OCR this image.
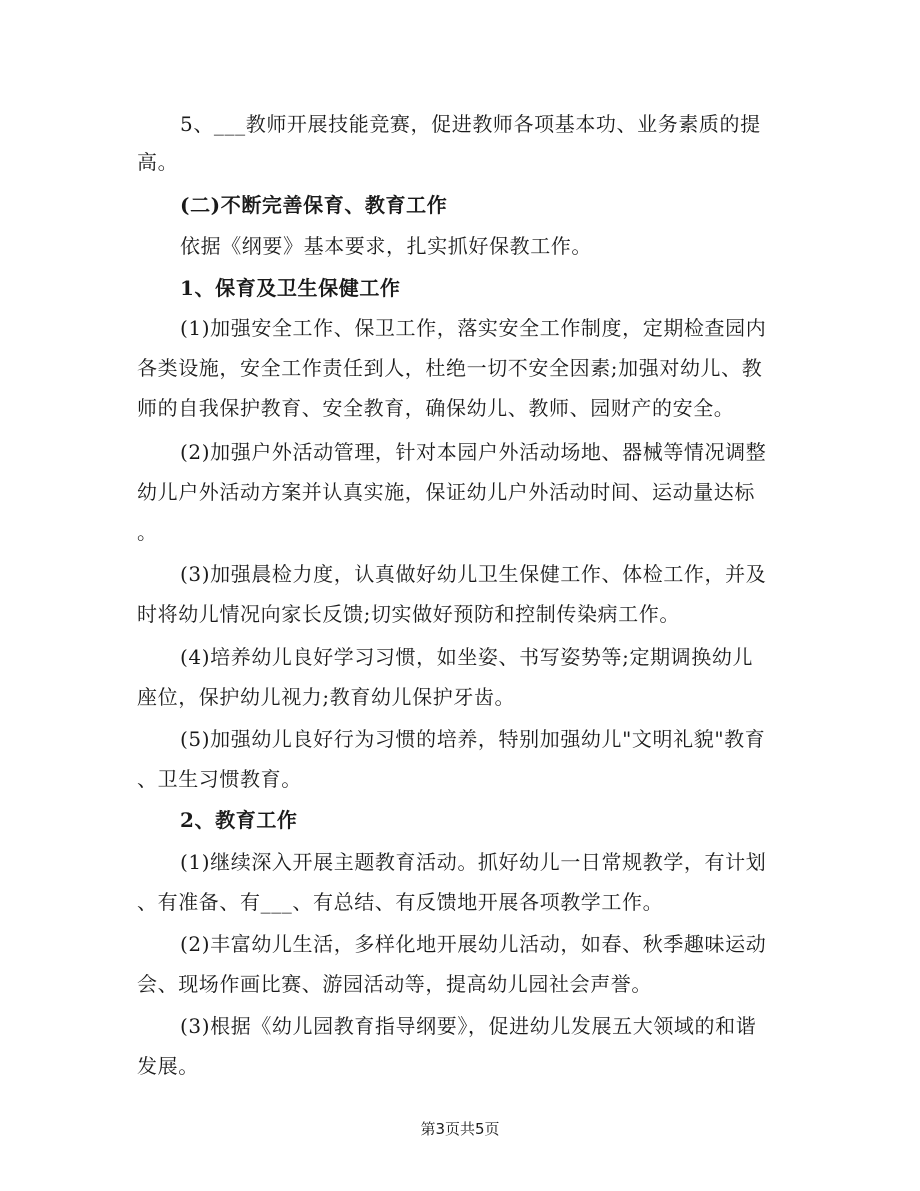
5、___教师开展技能竞赛，促进教师各项基本功、业务素质的提
高。
(二)不断完善保育、教育工作
依据《纲要》基本要求，扎实抓好保教工作。
1、保育及卫生保健工作
(1)加强安全工作、保卫工作，落实安全工作制度，定期检查园内
各类设施，安全工作责任到人，杜绝一切不安全因素;加强对幼儿、教
师的自我保护教育、安全教育，确保幼儿、教师、园财产的安全。
(2)加强户外活动管理，针对本园户外活动场地、器械等情况调整
幼儿户外活动方案并认真实施，保证幼儿户外活动时间、运动量达标
。
(3)加强晨检力度，认真做好幼儿卫生保健工作、体检工作，并及
时将幼儿情况向家长反馈;切实做好预防和控制传染病工作。
(4)培养幼儿良好学习习惯，如坐姿、书写姿势等;定期调换幼儿
座位，保护幼儿视力;教育幼儿保护牙齿。
(5)加强幼儿良好行为习惯的培养，特别加强幼儿"文明礼貌"教育
、卫生习惯教育。
2、教育工作
(1)继续深入开展主题教育活动。抓好幼儿一日常规教学，有计划
、有准备、有___、有总结、有反馈地开展各项教学工作。
(2)丰富幼儿生活，多样化地开展幼儿活动，如春、秋季趣味运动
会、现场作画比赛、游园活动等，提高幼儿园社会声誉。
(3)根据《幼儿园教育指导纲要》，促进幼儿发展五大领域的和谐
发展。
第3页共5页
